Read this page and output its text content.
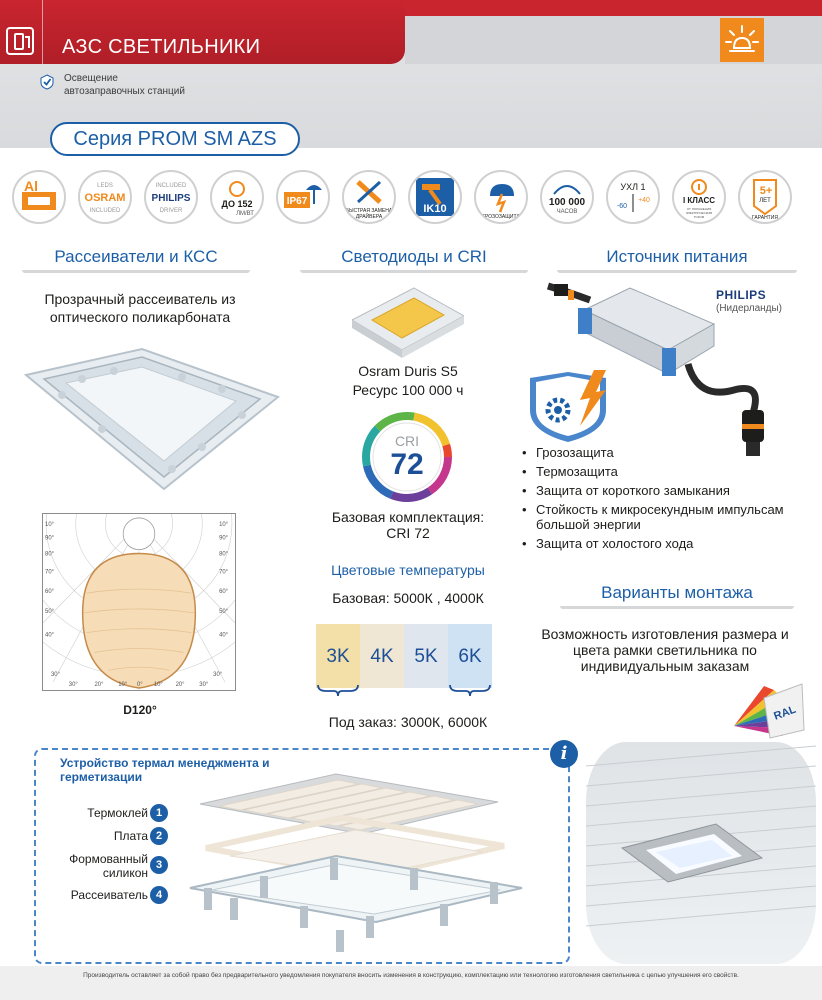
АЗС СВЕТИЛЬНИКИ
Освещение автозаправочных станций
Серия PROM SM AZS
Al	LEDS
OSRAM
INCLUDED
INCLUDED
PHILIPS
DRIVER
ДО 152
ЛМ/ВТ
IP67
БЫСТРАЯ ЗАМЕНА
ДРАЙВЕРА
IK10
ГРОЗОЗАЩИТА
100 000
ЧАСОВ
УХЛ 1
-60
+40	I КЛАСС
ОТ ПОРАЖЕНИЯ
ЭЛЕКТРИЧЕСКИМ
ТОКОМ
5+
ЛЕТ
ГАРАНТИЯ
Рассеиватели и КСС	Светодиоды и CRI	Источник питания
Варианты монтажа
Прозрачный рассеиватель из оптического поликарбоната
10°
90°
80°
70°
60°
50°
40°
30°
10°
90°
80°
70°
60°
50°
40°
30°
30°	20° 10° 0° 10° 20° 30°
D120°
Osram Duris S5
Ресурс 100 000 ч
CRI
72
Базовая комплектация:
CRI 72
Цветовые температуры
Базовая: 5000К , 4000К
3K	4K	5K	6K
Под заказ: 3000К, 6000К
PHILIPS
(Нидерланды)
• Грозозащита
• Термозащита
• Защита от короткого замыкания
• Стойкость к микросекундным импульсам большой энергии
• Защита от холостого хода
Возможность изготовления размера и цвета рамки светильника по индивидуальным заказам
RAL
Устройство термал менеджмента и герметизации
i
Термоклей 1
Плата 2
Формованный силикон
3
Рассеиватель 4
Производитель оставляет за собой право без предварительного уведомления покупателя вносить изменения в конструкцию, комплектацию или технологию изготовления светильника с целью улучшения его свойств.
